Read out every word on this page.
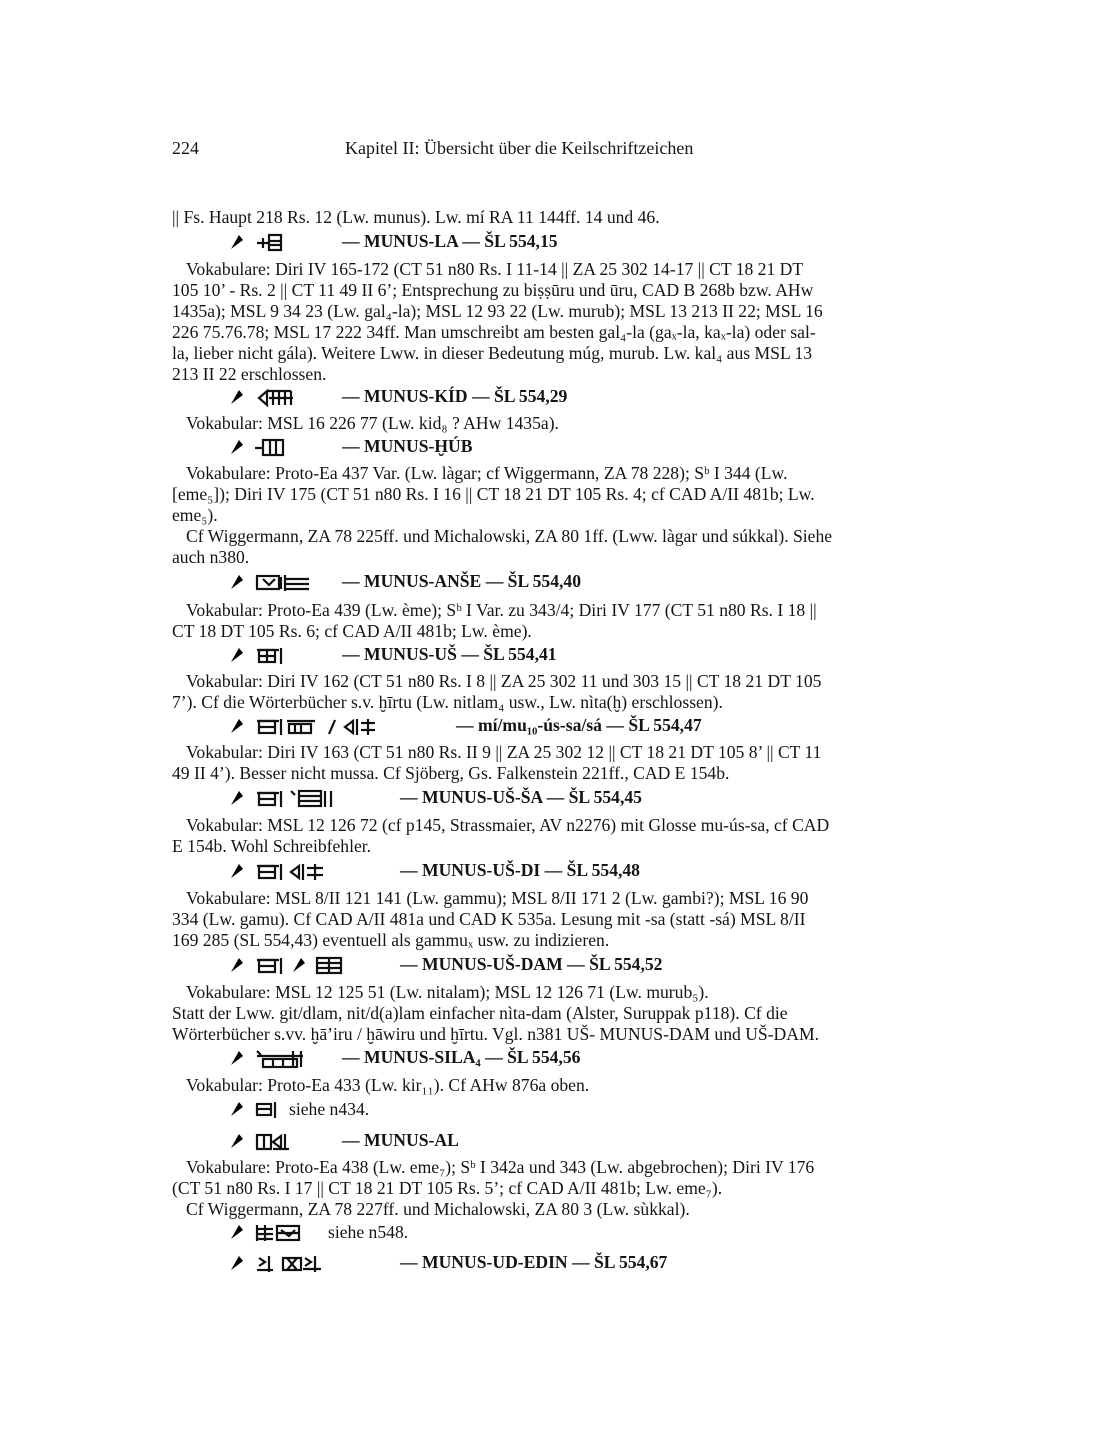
224	Kapitel II: Übersicht über die Keilschriftzeichen
|| Fs. Haupt 218 Rs. 12 (Lw. munus). Lw. mí RA 11 144ff. 14 und 46.
— MUNUS-LA — ŠL 554,15
Vokabulare: Diri IV 165-172 (CT 51 n80 Rs. I 11-14 || ZA 25 302 14-17 || CT 18 21 DT
105 10’ - Rs. 2 || CT 11 49 II 6’; Entsprechung zu biṣṣūru und ūru, CAD B 268b bzw. AHw
1435a); MSL 9 34 23 (Lw. gal₄-la); MSL 12 93 22 (Lw. murub); MSL 13 213 II 22; MSL 16
226 75.76.78; MSL 17 222 34ff. Man umschreibt am besten gal₄-la (gaₓ-la, kaₓ-la) oder sal-
la, lieber nicht gála). Weitere Lww. in dieser Bedeutung múg, murub. Lw. kal₄ aus MSL 13
213 II 22 erschlossen.
— MUNUS-KÍD — ŠL 554,29
Vokabular: MSL 16 226 77 (Lw. kid₈ ? AHw 1435a).
— MUNUS-ḪÚB
Vokabulare: Proto-Ea 437 Var. (Lw. làgar; cf Wiggermann, ZA 78 228); Sᵇ I 344 (Lw.
[eme₅]); Diri IV 175 (CT 51 n80 Rs. I 16 || CT 18 21 DT 105 Rs. 4; cf CAD A/II 481b; Lw.
eme₅).
Cf Wiggermann, ZA 78 225ff. und Michalowski, ZA 80 1ff. (Lww. làgar und súkkal). Siehe
auch n380.
— MUNUS-ANŠE — ŠL 554,40
Vokabular: Proto-Ea 439 (Lw. ème); Sᵇ I Var. zu 343/4; Diri IV 177 (CT 51 n80 Rs. I 18 ||
CT 18 DT 105 Rs. 6; cf CAD A/II 481b; Lw. ème).
— MUNUS-UŠ — ŠL 554,41
Vokabular: Diri IV 162 (CT 51 n80 Rs. I 8 || ZA 25 302 11 und 303 15 || CT 18 21 DT 105
7’). Cf die Wörterbücher s.v. ḫīrtu (Lw. nitlam₄ usw., Lw. nìta(ḫ) erschlossen).
— mí/mu₁₀-ús-sa/sá — ŠL 554,47
Vokabular: Diri IV 163 (CT 51 n80 Rs. II 9 || ZA 25 302 12 || CT 18 21 DT 105 8’ || CT 11
49 II 4’). Besser nicht mussa. Cf Sjöberg, Gs. Falkenstein 221ff., CAD E 154b.
— MUNUS-UŠ-ŠA — ŠL 554,45
Vokabular: MSL 12 126 72 (cf p145, Strassmaier, AV n2276) mit Glosse mu-ús-sa, cf CAD
E 154b. Wohl Schreibfehler.
— MUNUS-UŠ-DI — ŠL 554,48
Vokabulare: MSL 8/II 121 141 (Lw. gammu); MSL 8/II 171 2 (Lw. gambi?); MSL 16 90
334 (Lw. gamu). Cf CAD A/II 481a und CAD K 535a. Lesung mit -sa (statt -sá) MSL 8/II
169 285 (SL 554,43) eventuell als gammuₓ usw. zu indizieren.
— MUNUS-UŠ-DAM — ŠL 554,52
Vokabulare: MSL 12 125 51 (Lw. nitalam); MSL 12 126 71 (Lw. murub₅).
Statt der Lww. git/dlam, nit/d(a)lam einfacher nìta-dam (Alster, Suruppak p118). Cf die
Wörterbücher s.vv. ḫā’iru / ḫāwiru und ḫīrtu. Vgl. n381 UŠ- MUNUS-DAM und UŠ-DAM.
— MUNUS-SILA₄ — ŠL 554,56
Vokabular: Proto-Ea 433 (Lw. kir₁₁). Cf AHw 876a oben.
siehe n434.
— MUNUS-AL
Vokabulare: Proto-Ea 438 (Lw. eme₇); Sᵇ I 342a und 343 (Lw. abgebrochen); Diri IV 176
(CT 51 n80 Rs. I 17 || CT 18 21 DT 105 Rs. 5’; cf CAD A/II 481b; Lw. eme₇).
Cf Wiggermann, ZA 78 227ff. und Michalowski, ZA 80 3 (Lw. sùkkal).
siehe n548.
— MUNUS-UD-EDIN — ŠL 554,67
